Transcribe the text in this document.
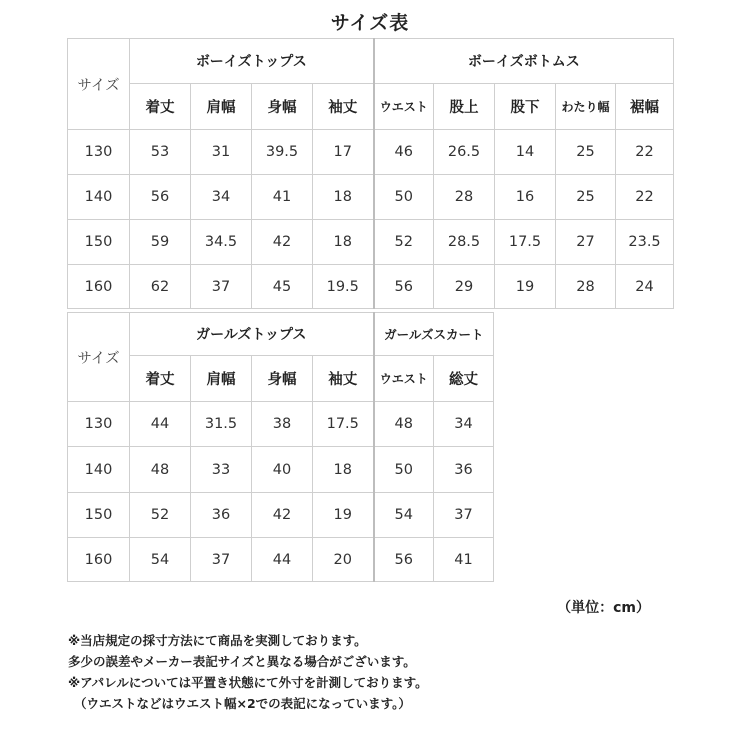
サイズ表
サイズ	ボーイズトップス				ボーイズボトムス				
	着丈	肩幅	身幅	袖丈	ウエスト	股上	股下	わたり幅	裾幅
130	53	31	39.5	17	46	26.5	14	25	22
140	56	34	41	18	50	28	16	25	22
150	59	34.5	42	18	52	28.5	17.5	27	23.5
160	62	37	45	19.5	56	29	19	28	24
サイズ	ガールズトップス				ガールズスカート	
	着丈	肩幅	身幅	袖丈	ウエスト	総丈
130	44	31.5	38	17.5	48	34
140	48	33	40	18	50	36
150	52	36	42	19	54	37
160	54	37	44	20	56	41
（単位：cm）
※当店規定の採寸方法にて商品を実測しております。
多少の誤差やメーカー表記サイズと異なる場合がございます。
※アパレルについては平置き状態にて外寸を計測しております。
（ウエストなどはウエスト幅×2での表記になっています。）
